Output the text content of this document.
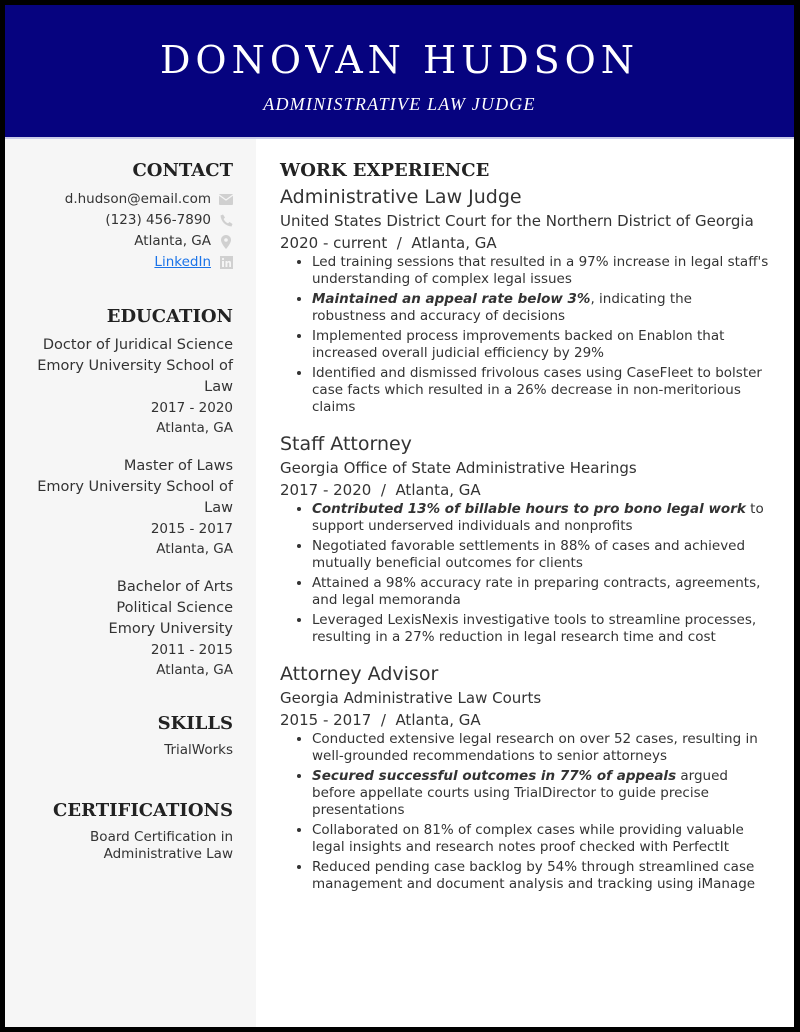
DONOVAN HUDSON
ADMINISTRATIVE LAW JUDGE
CONTACT
d.hudson@email.com
(123) 456-7890
Atlanta, GA
LinkedIn
EDUCATION
Doctor of Juridical Science
Emory University School of Law
2017 - 2020
Atlanta, GA
Master of Laws
Emory University School of Law
2015 - 2017
Atlanta, GA
Bachelor of Arts
Political Science
Emory University
2011 - 2015
Atlanta, GA
SKILLS
TrialWorks
CERTIFICATIONS
Board Certification in Administrative Law
WORK EXPERIENCE
Administrative Law Judge
United States District Court for the Northern District of Georgia
2020 - current  /  Atlanta, GA
• Led training sessions that resulted in a 97% increase in legal staff's understanding of complex legal issues
• Maintained an appeal rate below 3%, indicating the robustness and accuracy of decisions
• Implemented process improvements backed on Enablon that increased overall judicial efficiency by 29%
• Identified and dismissed frivolous cases using CaseFleet to bolster case facts which resulted in a 26% decrease in non-meritorious claims
Staff Attorney
Georgia Office of State Administrative Hearings
2017 - 2020  /  Atlanta, GA
• Contributed 13% of billable hours to pro bono legal work to support underserved individuals and nonprofits
• Negotiated favorable settlements in 88% of cases and achieved mutually beneficial outcomes for clients
• Attained a 98% accuracy rate in preparing contracts, agreements, and legal memoranda
• Leveraged LexisNexis investigative tools to streamline processes, resulting in a 27% reduction in legal research time and cost
Attorney Advisor
Georgia Administrative Law Courts
2015 - 2017  /  Atlanta, GA
• Conducted extensive legal research on over 52 cases, resulting in well-grounded recommendations to senior attorneys
• Secured successful outcomes in 77% of appeals argued before appellate courts using TrialDirector to guide precise presentations
• Collaborated on 81% of complex cases while providing valuable legal insights and research notes proof checked with PerfectIt
• Reduced pending case backlog by 54% through streamlined case management and document analysis and tracking using iManage
